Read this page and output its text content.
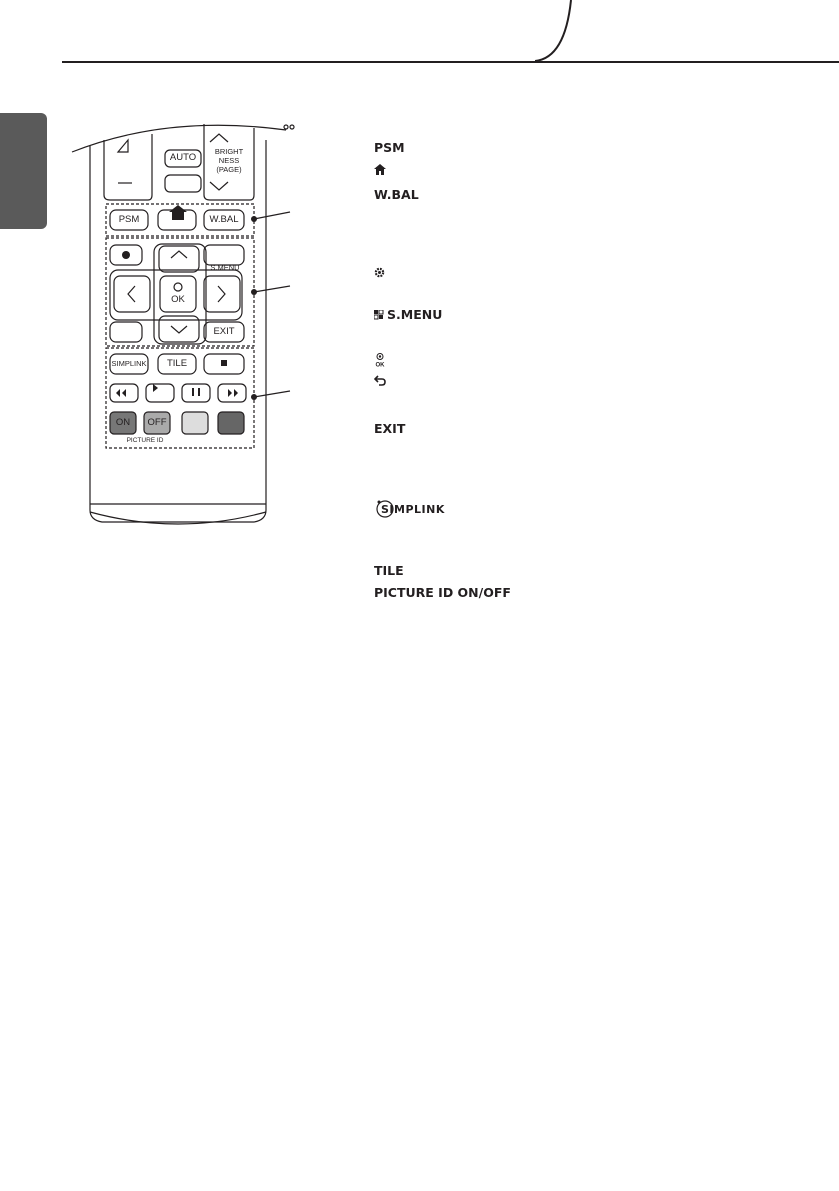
AUTO
BRIGHT
NESS
(PAGE)
PSM	W.BAL
S.MENU
OK
EXIT
SIMPLINK	TILE
ON	OFF
PICTURE ID
PSM
W.BAL
S.MENU
OK
EXIT
SIMPLINK
TILE
PICTURE ID ON/OFF
